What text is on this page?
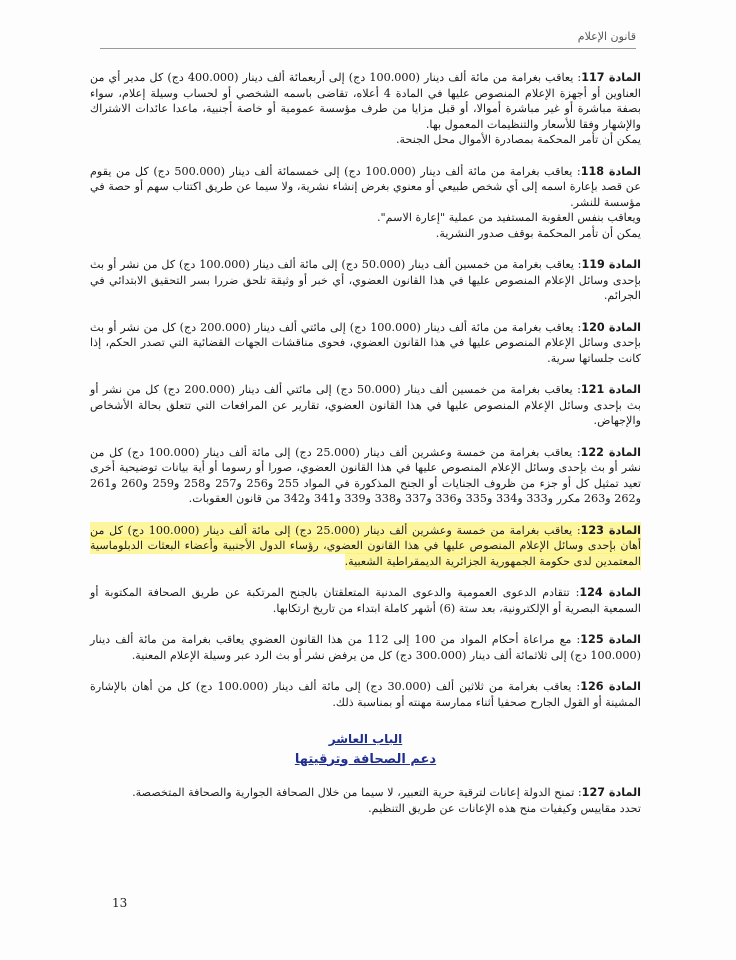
قانون الإعلام

المادة 117: يعاقب بغرامة من مائة ألف دينار (100.000 دج) إلى أربعمائة ألف دينار (400.000 دج) كل مدير أي من العناوين أو أجهزة الإعلام المنصوص عليها في المادة 4 أعلاه، تقاضى باسمه الشخصي أو لحساب وسيلة إعلام، سواء بصفة مباشرة أو غير مباشرة أموالا، أو قبل مزايا من طرف مؤسسة عمومية أو خاصة أجنبية، ماعدا عائدات الاشتراك والإشهار وفقا للأسعار والتنظيمات المعمول بها.

يمكن أن تأمر المحكمة بمصادرة الأموال محل الجنحة.

المادة 118: يعاقب بغرامة من مائة ألف دينار (100.000 دج) إلى خمسمائة ألف دينار (500.000 دج) كل من يقوم عن قصد بإعارة اسمه إلى أي شخص طبيعي أو معنوي بغرض إنشاء نشرية، ولا سيما عن طريق اكتتاب سهم أو حصة في مؤسسة للنشر.

ويعاقب بنفس العقوبة المستفيد من عملية "إعارة الاسم".

يمكن أن تأمر المحكمة بوقف صدور النشرية.

المادة 119: يعاقب بغرامة من خمسين ألف دينار (50.000 دج) إلى مائة ألف دينار (100.000 دج) كل من نشر أو بث بإحدى وسائل الإعلام المنصوص عليها في هذا القانون العضوي، أي خبر أو وثيقة تلحق ضررا بسر التحقيق الابتدائي في الجرائم.

المادة 120: يعاقب بغرامة من مائة ألف دينار (100.000 دج) إلى مائتي ألف دينار (200.000 دج) كل من نشر أو بث بإحدى وسائل الإعلام المنصوص عليها في هذا القانون العضوي، فحوى مناقشات الجهات القضائية التي تصدر الحكم، إذا كانت جلساتها سرية.

المادة 121: يعاقب بغرامة من خمسين ألف دينار (50.000 دج) إلى مائتي ألف دينار (200.000 دج) كل من نشر أو بث بإحدى وسائل الإعلام المنصوص عليها في هذا القانون العضوي، تقارير عن المرافعات التي تتعلق بحالة الأشخاص والإجهاض.

المادة 122: يعاقب بغرامة من خمسة وعشرين ألف دينار (25.000 دج) إلى مائة ألف دينار (100.000 دج) كل من نشر أو بث بإحدى وسائل الإعلام المنصوص عليها في هذا القانون العضوي، صورا أو رسوما أو أية بيانات توضيحية أخرى تعيد تمثيل كل أو جزء من ظروف الجنايات أو الجنح المذكورة في المواد 255 و256 و257 و258 و259 و260 و261 و262 و263 مكرر و333 و334 و335 و336 و337 و338 و339 و341 و342 من قانون العقوبات.

المادة 123: يعاقب بغرامة من خمسة وعشرين ألف دينار (25.000 دج) إلى مائة ألف دينار (100.000 دج) كل من أهان بإحدى وسائل الإعلام المنصوص عليها في هذا القانون العضوي، رؤساء الدول الأجنبية وأعضاء البعثات الدبلوماسية المعتمدين لدى حكومة الجمهورية الجزائرية الديمقراطية الشعبية.

المادة 124: تتقادم الدعوى العمومية والدعوى المدنية المتعلقتان بالجنح المرتكبة عن طريق الصحافة المكتوبة أو السمعية البصرية أو الإلكترونية، بعد ستة (6) أشهر كاملة ابتداء من تاريخ ارتكابها.

المادة 125: مع مراعاة أحكام المواد من 100 إلى 112 من هذا القانون العضوي يعاقب بغرامة من مائة ألف دينار (100.000 دج) إلى ثلاثمائة ألف دينار (300.000 دج) كل من يرفض نشر أو بث الرد عبر وسيلة الإعلام المعنية.

المادة 126: يعاقب بغرامة من ثلاثين ألف (30.000 دج) إلى مائة ألف دينار (100.000 دج) كل من أهان بالإشارة المشينة أو القول الجارح صحفيا أثناء ممارسة مهنته أو بمناسبة ذلك.

الباب العاشر
دعم الصحافة وترقيتها

المادة 127: تمنح الدولة إعانات لترقية حرية التعبير، لا سيما من خلال الصحافة الجوارية والصحافة المتخصصة.

تحدد مقاييس وكيفيات منح هذه الإعانات عن طريق التنظيم.

13
